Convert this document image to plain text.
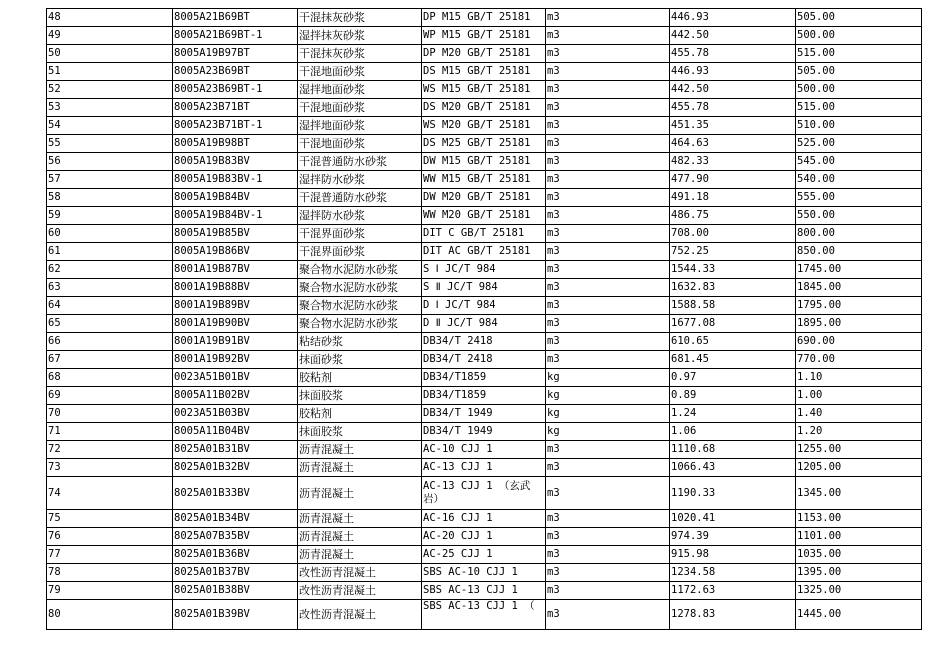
48	8005A21B69BT	干混抹灰砂浆	DP M15 GB/T 25181	m3	446.93	505.00
49	8005A21B69BT-1	湿拌抹灰砂浆	WP M15 GB/T 25181	m3	442.50	500.00
50	8005A19B97BT	干混抹灰砂浆	DP M20 GB/T 25181	m3	455.78	515.00
51	8005A23B69BT	干混地面砂浆	DS M15 GB/T 25181	m3	446.93	505.00
52	8005A23B69BT-1	湿拌地面砂浆	WS M15 GB/T 25181	m3	442.50	500.00
53	8005A23B71BT	干混地面砂浆	DS M20 GB/T 25181	m3	455.78	515.00
54	8005A23B71BT-1	湿拌地面砂浆	WS M20 GB/T 25181	m3	451.35	510.00
55	8005A19B98BT	干混地面砂浆	DS M25 GB/T 25181	m3	464.63	525.00
56	8005A19B83BV	干混普通防水砂浆	DW M15 GB/T 25181	m3	482.33	545.00
57	8005A19B83BV-1	湿拌防水砂浆	WW M15 GB/T 25181	m3	477.90	540.00
58	8005A19B84BV	干混普通防水砂浆	DW M20 GB/T 25181	m3	491.18	555.00
59	8005A19B84BV-1	湿拌防水砂浆	WW M20 GB/T 25181	m3	486.75	550.00
60	8005A19B85BV	干混界面砂浆	DIT C GB/T 25181	m3	708.00	800.00
61	8005A19B86BV	干混界面砂浆	DIT AC GB/T 25181	m3	752.25	850.00
62	8001A19B87BV	聚合物水泥防水砂浆	S Ⅰ JC/T 984	m3	1544.33	1745.00
63	8001A19B88BV	聚合物水泥防水砂浆	S Ⅱ JC/T 984	m3	1632.83	1845.00
64	8001A19B89BV	聚合物水泥防水砂浆	D Ⅰ JC/T 984	m3	1588.58	1795.00
65	8001A19B90BV	聚合物水泥防水砂浆	D Ⅱ JC/T 984	m3	1677.08	1895.00
66	8001A19B91BV	粘结砂浆	DB34/T 2418	m3	610.65	690.00
67	8001A19B92BV	抹面砂浆	DB34/T 2418	m3	681.45	770.00
68	0023A51B01BV	胶粘剂	DB34/T1859	kg	0.97	1.10
69	8005A11B02BV	抹面胶浆	DB34/T1859	kg	0.89	1.00
70	0023A51B03BV	胶粘剂	DB34/T 1949	kg	1.24	1.40
71	8005A11B04BV	抹面胶浆	DB34/T 1949	kg	1.06	1.20
72	8025A01B31BV	沥青混凝土	AC-10 CJJ 1	m3	1110.68	1255.00
73	8025A01B32BV	沥青混凝土	AC-13 CJJ 1	m3	1066.43	1205.00
74	8025A01B33BV	沥青混凝土	AC-13 CJJ 1 （玄武岩）	m3	1190.33	1345.00
75	8025A01B34BV	沥青混凝土	AC-16 CJJ 1	m3	1020.41	1153.00
76	8025A07B35BV	沥青混凝土	AC-20 CJJ 1	m3	974.39	1101.00
77	8025A01B36BV	沥青混凝土	AC-25 CJJ 1	m3	915.98	1035.00
78	8025A01B37BV	改性沥青混凝土	SBS AC-10 CJJ 1	m3	1234.58	1395.00
79	8025A01B38BV	改性沥青混凝土	SBS AC-13 CJJ 1	m3	1172.63	1325.00
80	8025A01B39BV	改性沥青混凝土	SBS AC-13 CJJ 1 （	m3	1278.83	1445.00
